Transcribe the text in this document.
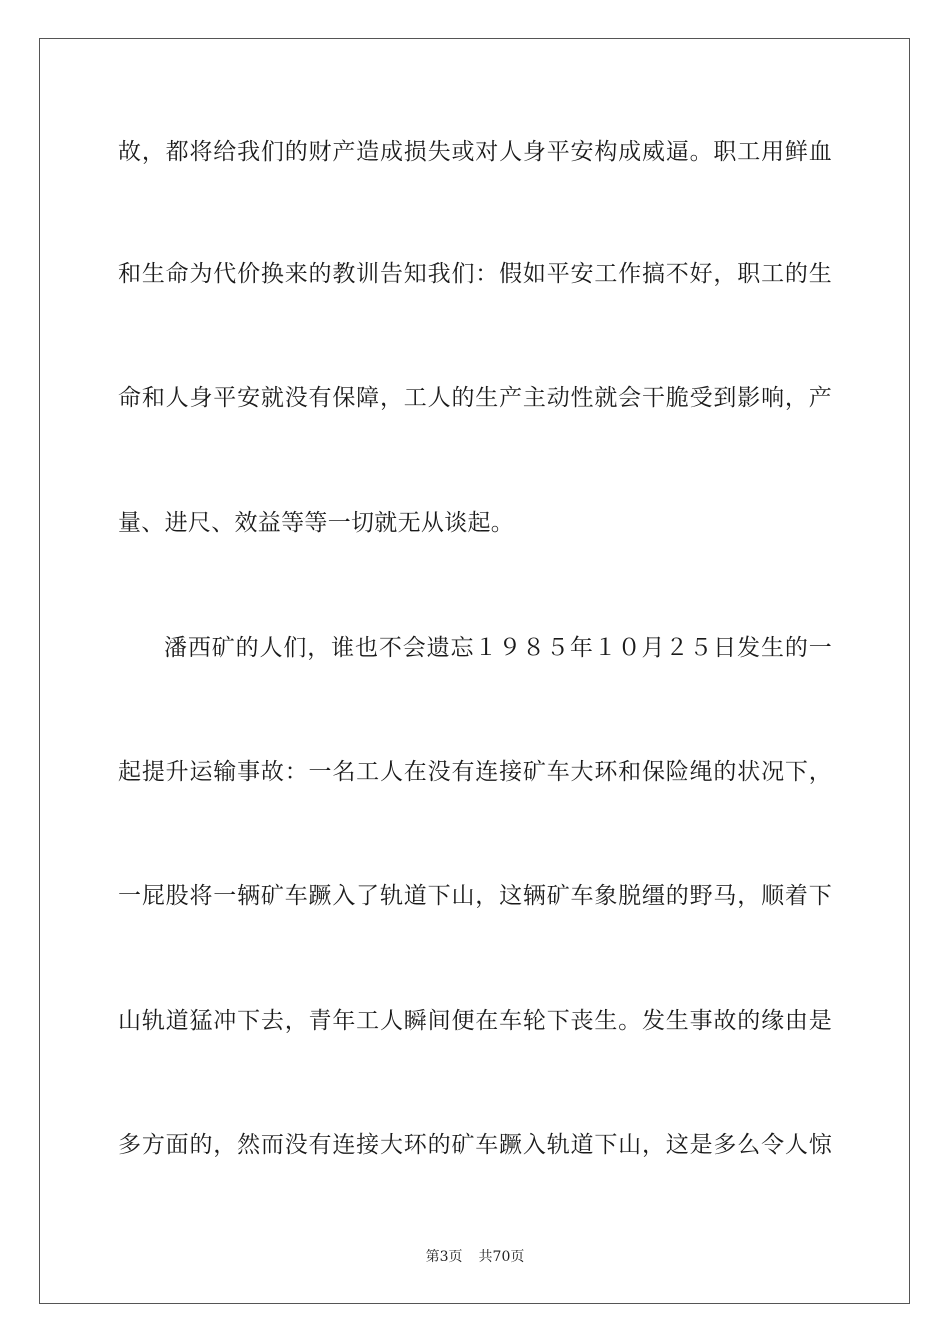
故，都将给我们的财产造成损失或对人身平安构成威逼。职工用鲜血
和生命为代价换来的教训告知我们：假如平安工作搞不好，职工的生
命和人身平安就没有保障，工人的生产主动性就会干脆受到影响，产
量、进尺、效益等等一切就无从谈起。
潘西矿的人们，谁也不会遗忘１９８５年１０月２５日发生的一
起提升运输事故：一名工人在没有连接矿车大环和保险绳的状况下，
一屁股将一辆矿车蹶入了轨道下山，这辆矿车象脱缰的野马，顺着下
山轨道猛冲下去，青年工人瞬间便在车轮下丧生。发生事故的缘由是
多方面的，然而没有连接大环的矿车蹶入轨道下山，这是多么令人惊
第3页 共70页
